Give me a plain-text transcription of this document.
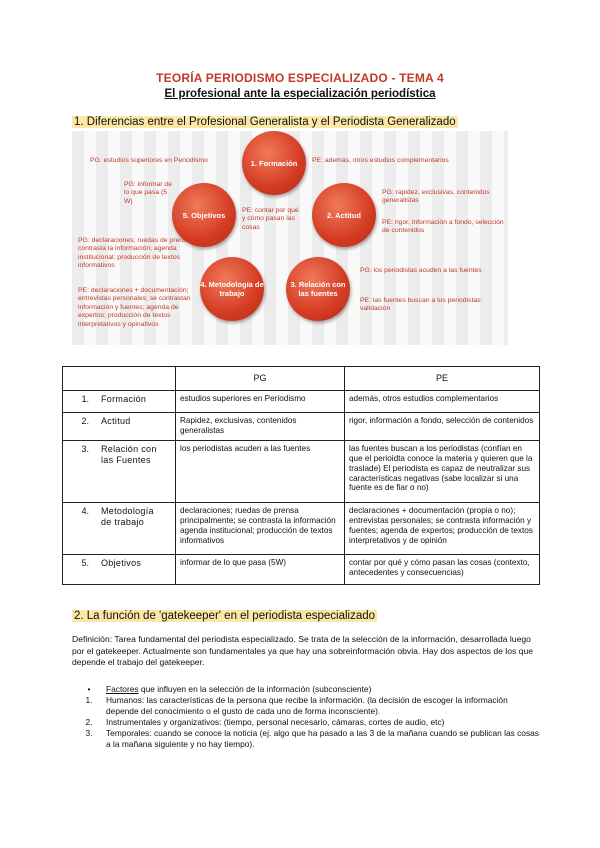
TEORÍA PERIODISMO ESPECIALIZADO - TEMA 4
El profesional ante la especialización periodística
1. Diferencias entre el Profesional Generalista y el Periodista Generalizado
1. Formación
2. Actitud
3. Relación con las fuentes
4. Metodología de trabajo
5. Objetivos
PG: estudios superiores en Periodismo	PE: además, otros estudios complementarios
PG: rapidez, exclusivas, contenidos generalistas
PE: rigor, información a fondo, selección de contenidos
PG: los periodistas acuden a las fuentes
PE: las fuentes buscan a los periodistas: validación
PG: declaraciones; ruedas de prensa; se contrasta la información; agenda institucional; producción de textos informativos
PE: declaraciones + documentación; entrevistas personales; se contrastan información y fuentes; agenda de expertos; producción de textos interpretativos y opinativos
PG: informar de lo que pasa (5 W)
PE: contar por qué y cómo pasan las cosas
	PG	PE
1. Formación	estudios superiores en Periodismo	además, otros estudios complementarios
2. Actitud	Rapidez, exclusivas, contenidos generalistas	rigor, información a fondo, selección de contenidos
3. Relación con las Fuentes	los periodistas acuden a las fuentes	las fuentes buscan a los periodistas (confían en que el perioidta conoce la materia y quieren que la traslade) El periodista es capaz de neutralizar sus características negativas (sabe localizar si una fuente es de fiar o no)
4. Metodología de trabajo	declaraciones; ruedas de prensa principalmente; se contrasta la información agenda institucional; producción de textos informativos	declaraciones + documentación (propia o no); entrevistas personales; se contrasta información y fuentes; agenda de expertos; producción de textos interpretativos y de opinión
5. Objetivos	informar de lo que pasa (5W)	contar por qué y cómo pasan las cosas (contexto, antecedentes y consecuencias)
2. La función de 'gatekeeper' en el periodista especializado
Definición: Tarea fundamental del periodista especializado. Se trata de la selección de la información, desarrollada luego por el gatekeeper. Actualmente son fundamentales ya que hay una sobreinformación obvia. Hay dos aspectos de los que depende el trabajo del gatekeeper.
•	Factores que influyen en la selección de la información (subconsciente)
1.	Humanos: las características de la persona que recibe la información. (la decisión de escoger la información depende del conocimiento o el gusto de cada uno de forma inconsciente).
2.	Instrumentales y organizativos: (tiempo, personal necesario, cámaras, cortes de audio, etc)
3.	Temporales: cuando se conoce la noticia (ej. algo que ha pasado a las 3 de la mañana cuando se publican las cosas a la mañana siguiente y no hay tiempo).
